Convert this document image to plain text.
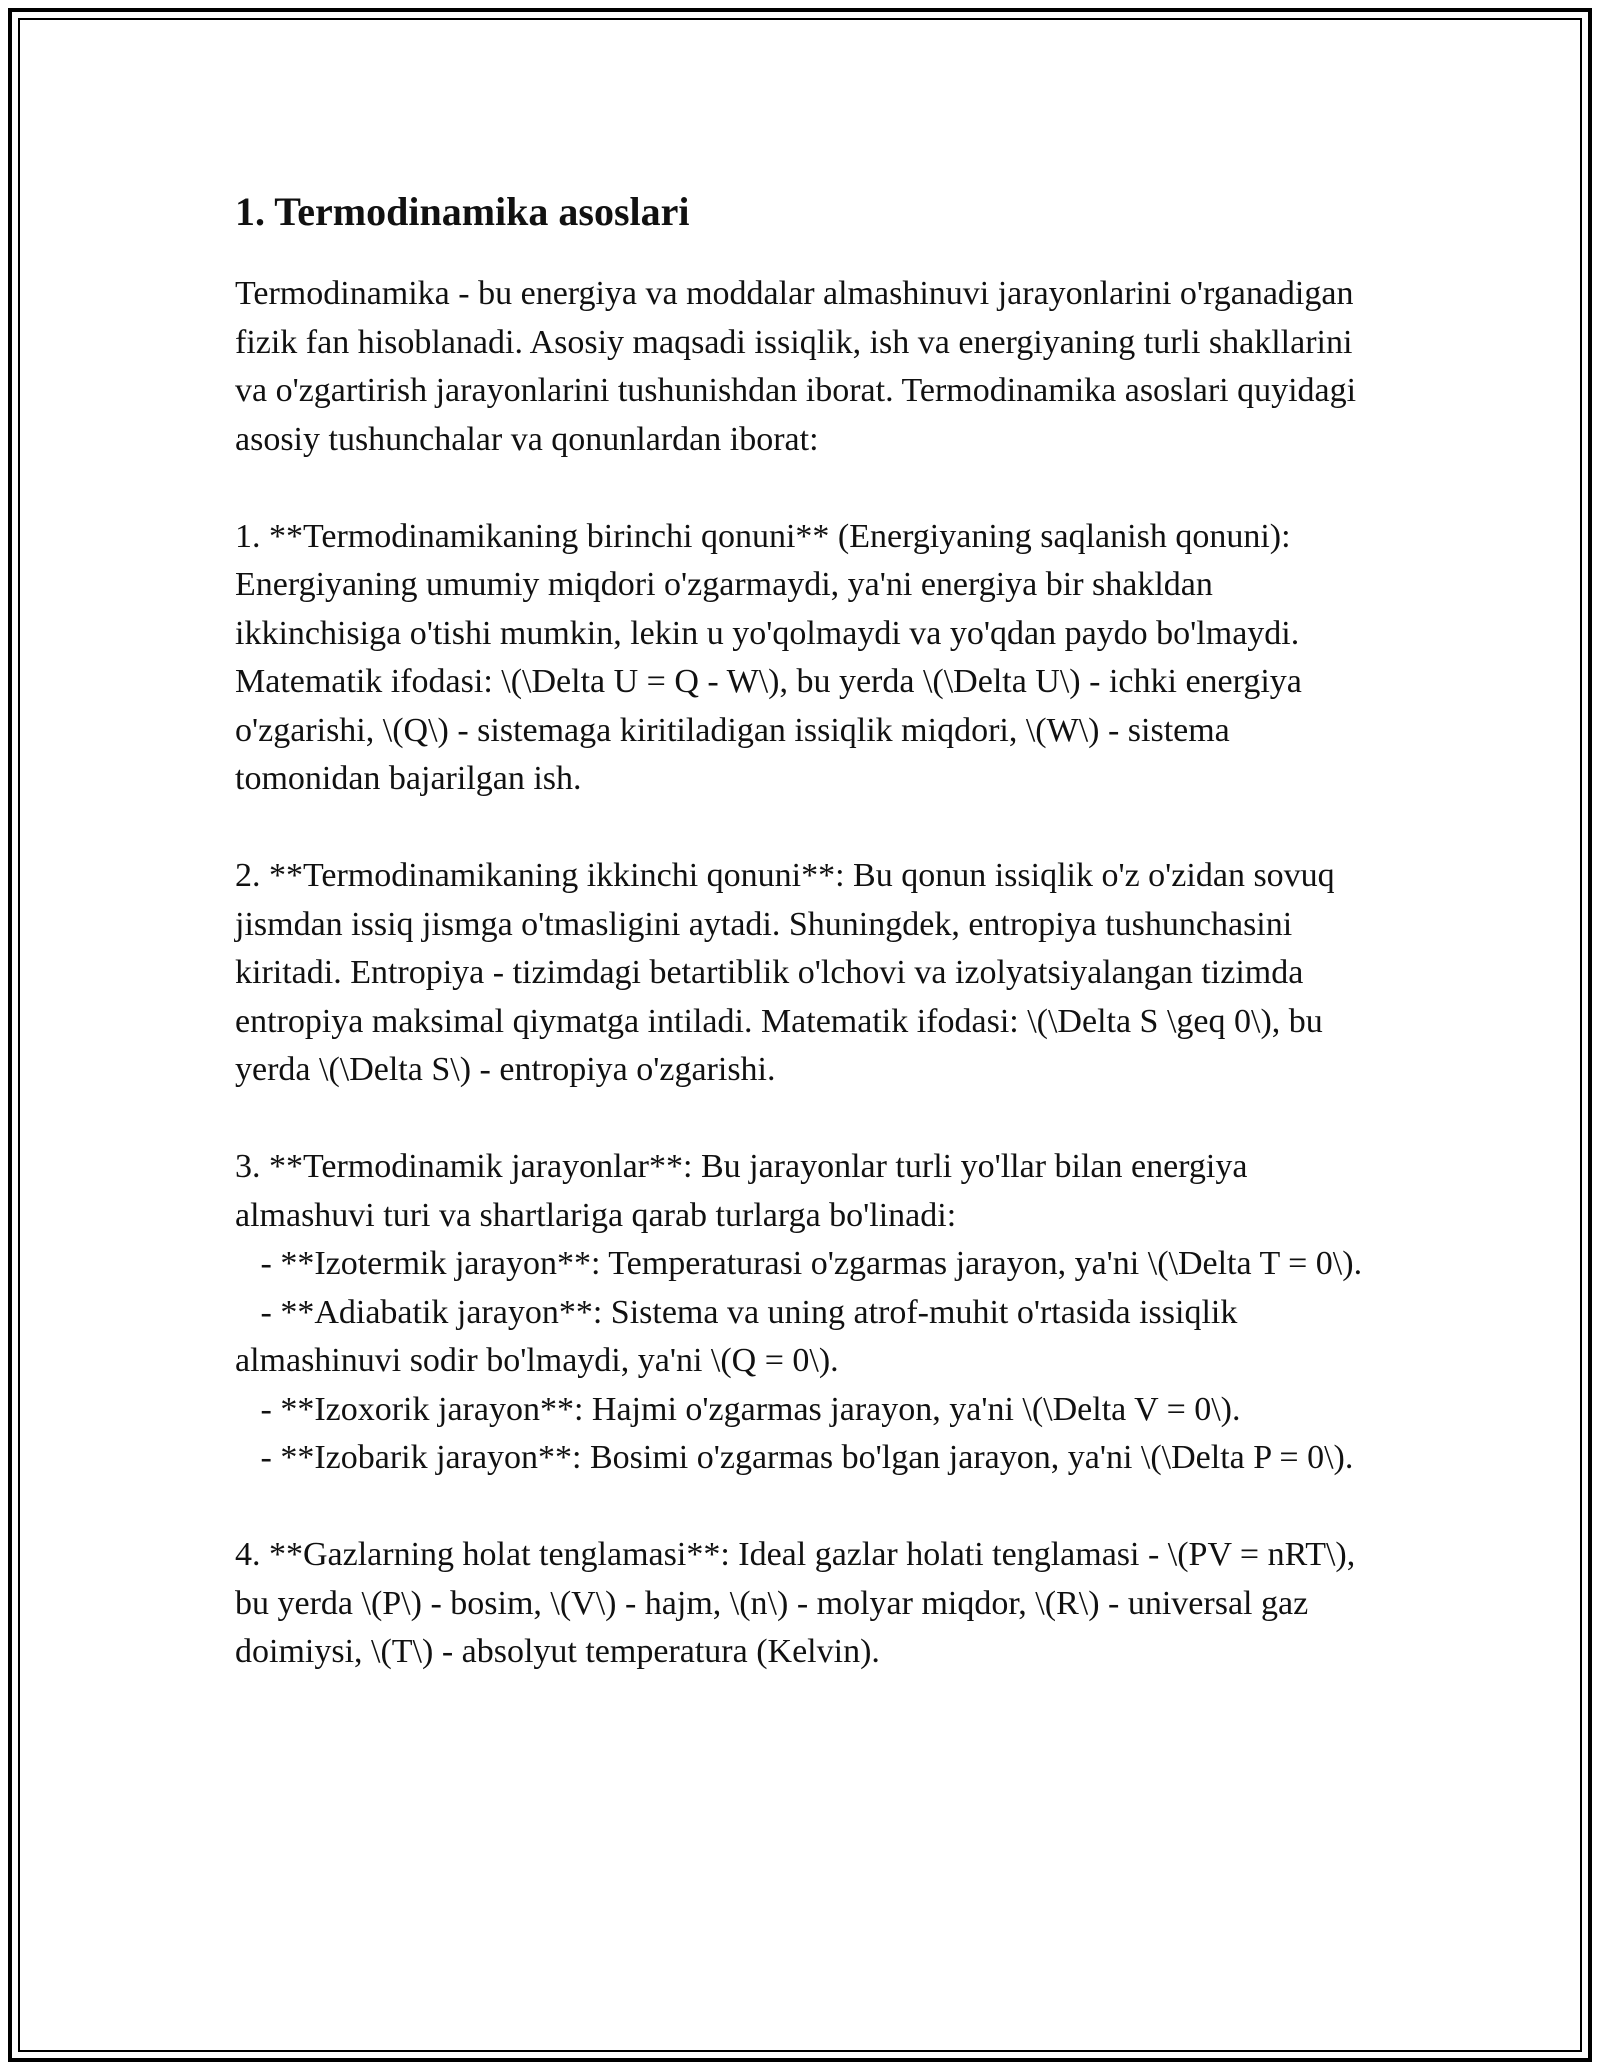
1. Termodinamika asoslari

Termodinamika - bu energiya va moddalar almashinuvi jarayonlarini o'rganadigan fizik fan hisoblanadi. Asosiy maqsadi issiqlik, ish va energiyaning turli shakllarini va o'zgartirish jarayonlarini tushunishdan iborat. Termodinamika asoslari quyidagi asosiy tushunchalar va qonunlardan iborat:

1. **Termodinamikaning birinchi qonuni** (Energiyaning saqlanish qonuni): Energiyaning umumiy miqdori o'zgarmaydi, ya'ni energiya bir shakldan ikkinchisiga o'tishi mumkin, lekin u yo'qolmaydi va yo'qdan paydo bo'lmaydi. Matematik ifodasi: \(\Delta U = Q - W\), bu yerda \(\Delta U\) - ichki energiya o'zgarishi, \(Q\) - sistemaga kiritiladigan issiqlik miqdori, \(W\) - sistema tomonidan bajarilgan ish.

2. **Termodinamikaning ikkinchi qonuni**: Bu qonun issiqlik o'z o'zidan sovuq jismdan issiq jismga o'tmasligini aytadi. Shuningdek, entropiya tushunchasini kiritadi. Entropiya - tizimdagi betartiblik o'lchovi va izolyatsiyalangan tizimda entropiya maksimal qiymatga intiladi. Matematik ifodasi: \(\Delta S \geq 0\), bu yerda \(\Delta S\) - entropiya o'zgarishi.

3. **Termodinamik jarayonlar**: Bu jarayonlar turli yo'llar bilan energiya almashuvi turi va shartlariga qarab turlarga bo'linadi:

- **Izotermik jarayon**: Temperaturasi o'zgarmas jarayon, ya'ni \(\Delta T = 0\).

- **Adiabatik jarayon**: Sistema va uning atrof-muhit o'rtasida issiqlik almashinuvi sodir bo'lmaydi, ya'ni \(Q = 0\).

- **Izoxorik jarayon**: Hajmi o'zgarmas jarayon, ya'ni \(\Delta V = 0\).

- **Izobarik jarayon**: Bosimi o'zgarmas bo'lgan jarayon, ya'ni \(\Delta P = 0\).

4. **Gazlarning holat tenglamasi**: Ideal gazlar holati tenglamasi - \(PV = nRT\), bu yerda \(P\) - bosim, \(V\) - hajm, \(n\) - molyar miqdor, \(R\) - universal gaz doimiysi, \(T\) - absolyut temperatura (Kelvin).
